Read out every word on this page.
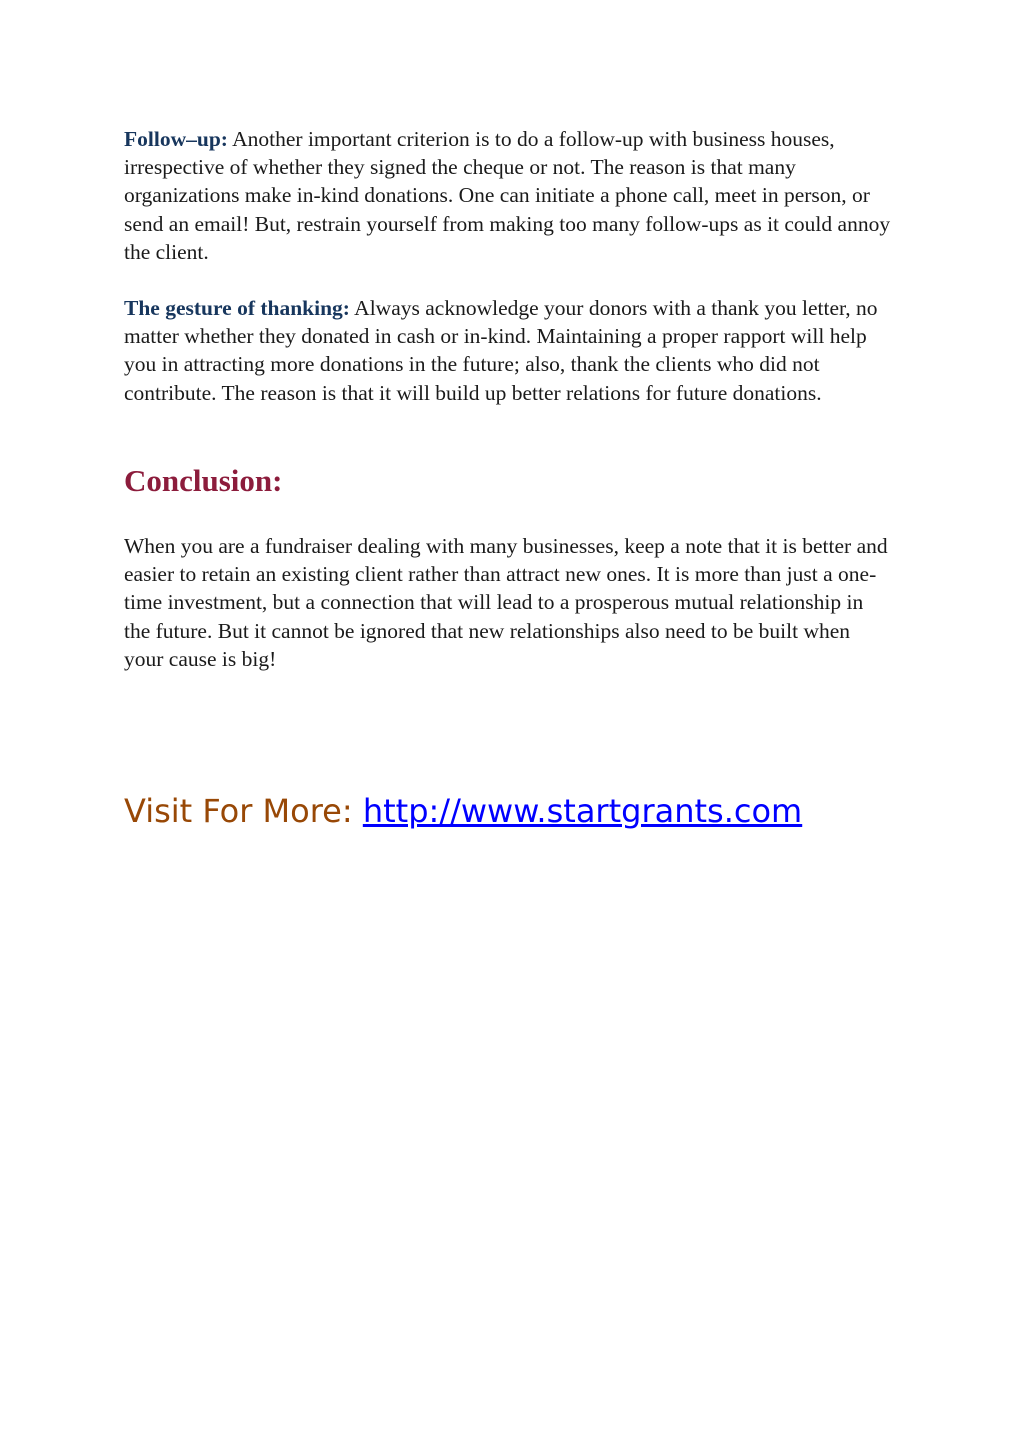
Follow–up: Another important criterion is to do a follow-up with business houses, irrespective of whether they signed the cheque or not. The reason is that many organizations make in-kind donations. One can initiate a phone call, meet in person, or send an email! But, restrain yourself from making too many follow-ups as it could annoy the client.

The gesture of thanking: Always acknowledge your donors with a thank you letter, no matter whether they donated in cash or in-kind. Maintaining a proper rapport will help you in attracting more donations in the future; also, thank the clients who did not contribute. The reason is that it will build up better relations for future donations.

Conclusion:

When you are a fundraiser dealing with many businesses, keep a note that it is better and easier to retain an existing client rather than attract new ones. It is more than just a one-time investment, but a connection that will lead to a prosperous mutual relationship in the future. But it cannot be ignored that new relationships also need to be built when your cause is big!

Visit For More: http://www.startgrants.com
